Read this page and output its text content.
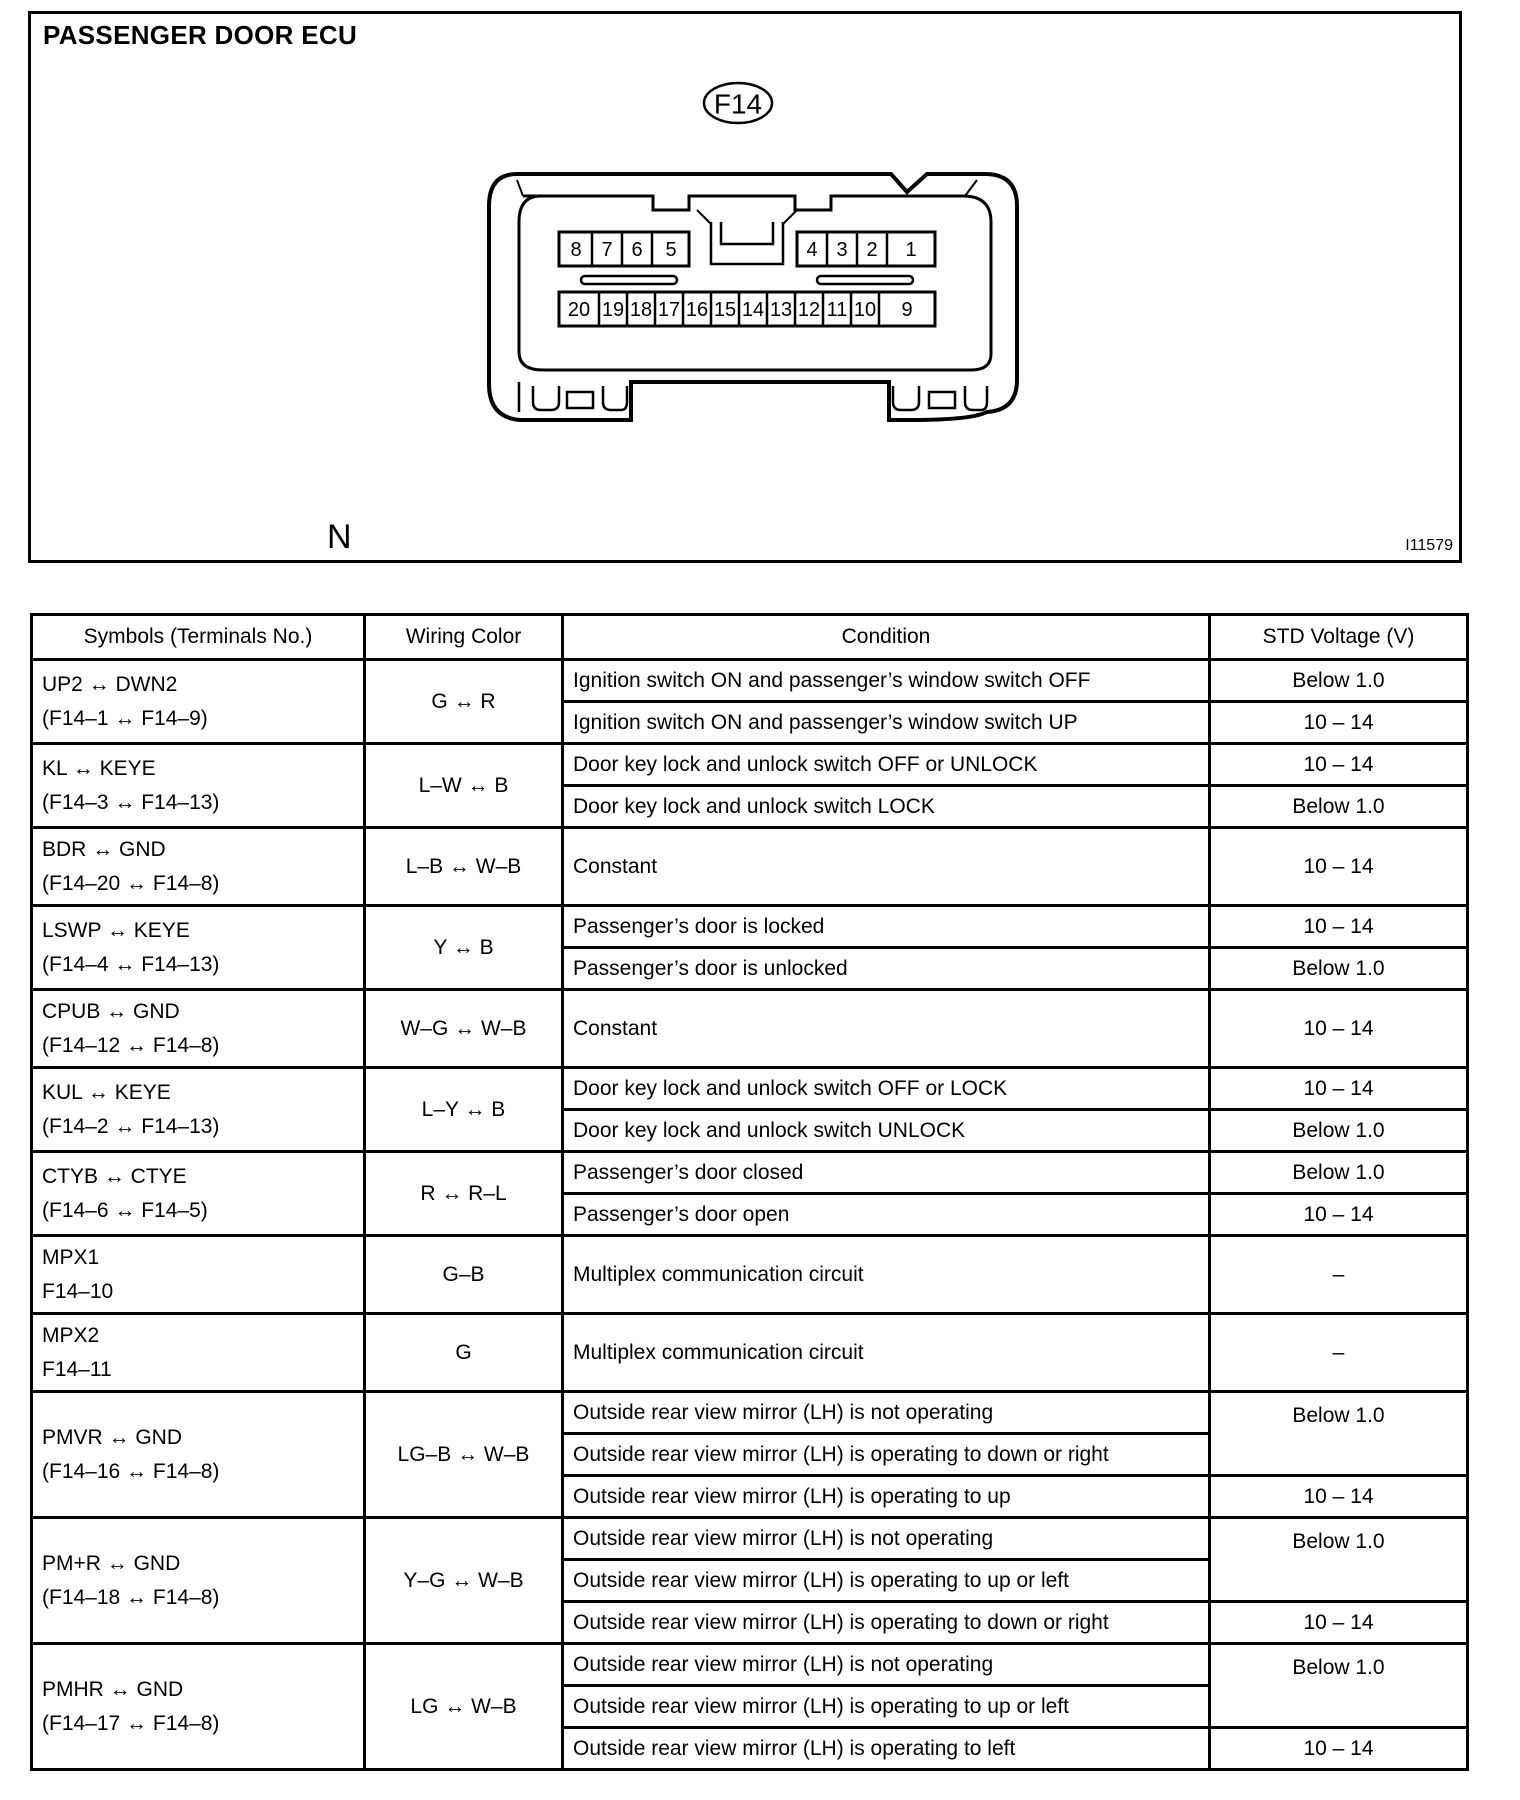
PASSENGER DOOR ECU
F14
8 7 6 5	4 3 2 1
20 19 18 17 16 15 14 13 12 11 10 9
N	I11579
Symbols (Terminals No.)	Wiring Color	Condition	STD Voltage (V)
UP2 ↔ DWN2
(F14–1 ↔ F14–9)	G ↔ R	Ignition switch ON and passenger’s window switch OFF	Below 1.0
		Ignition switch ON and passenger’s window switch UP	10 – 14
KL ↔ KEYE
(F14–3 ↔ F14–13)	L–W ↔ B	Door key lock and unlock switch OFF or UNLOCK	10 – 14
		Door key lock and unlock switch LOCK	Below 1.0
BDR ↔ GND
(F14–20 ↔ F14–8)	L–B ↔ W–B	Constant	10 – 14
LSWP ↔ KEYE
(F14–4 ↔ F14–13)	Y ↔ B	Passenger’s door is locked	10 – 14
		Passenger’s door is unlocked	Below 1.0
CPUB ↔ GND
(F14–12 ↔ F14–8)	W–G ↔ W–B	Constant	10 – 14
KUL ↔ KEYE
(F14–2 ↔ F14–13)	L–Y ↔ B	Door key lock and unlock switch OFF or LOCK	10 – 14
		Door key lock and unlock switch UNLOCK	Below 1.0
CTYB ↔ CTYE
(F14–6 ↔ F14–5)	R ↔ R–L	Passenger’s door closed	Below 1.0
		Passenger’s door open	10 – 14
MPX1
F14–10	G–B	Multiplex communication circuit	–
MPX2
F14–11	G	Multiplex communication circuit	–
PMVR ↔ GND
(F14–16 ↔ F14–8)	LG–B ↔ W–B	Outside rear view mirror (LH) is not operating	Below 1.0
		Outside rear view mirror (LH) is operating to down or right	
		Outside rear view mirror (LH) is operating to up	10 – 14
PM+R ↔ GND
(F14–18 ↔ F14–8)	Y–G ↔ W–B	Outside rear view mirror (LH) is not operating	Below 1.0
		Outside rear view mirror (LH) is operating to up or left	
		Outside rear view mirror (LH) is operating to down or right	10 – 14
PMHR ↔ GND
(F14–17 ↔ F14–8)	LG ↔ W–B	Outside rear view mirror (LH) is not operating	Below 1.0
		Outside rear view mirror (LH) is operating to up or left	
		Outside rear view mirror (LH) is operating to left	10 – 14
